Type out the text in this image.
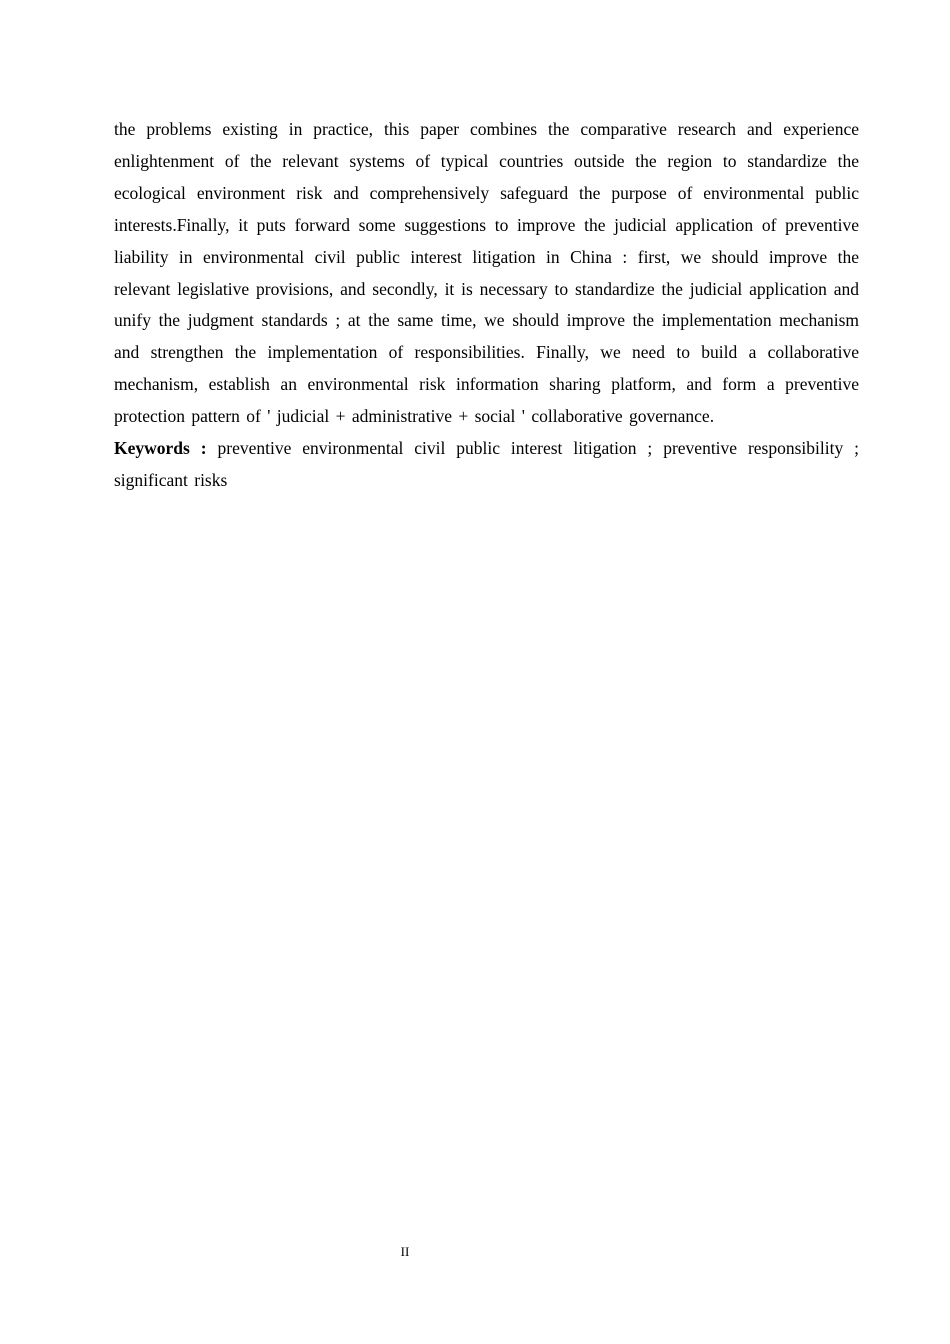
the problems existing in practice, this paper combines the comparative research and experience enlightenment of the relevant systems of typical countries outside the region to standardize the ecological environment risk and comprehensively safeguard the purpose of environmental public interests.Finally, it puts forward some suggestions to improve the judicial application of preventive liability in environmental civil public interest litigation in China : first, we should improve the relevant legislative provisions, and secondly, it is necessary to standardize the judicial application and unify the judgment standards ; at the same time, we should improve the implementation mechanism and strengthen the implementation of responsibilities. Finally, we need to build a collaborative mechanism, establish an environmental risk information sharing platform, and form a preventive protection pattern of ' judicial + administrative + social ' collaborative governance.

Keywords : preventive environmental civil public interest litigation ; preventive responsibility ; significant risks

II
